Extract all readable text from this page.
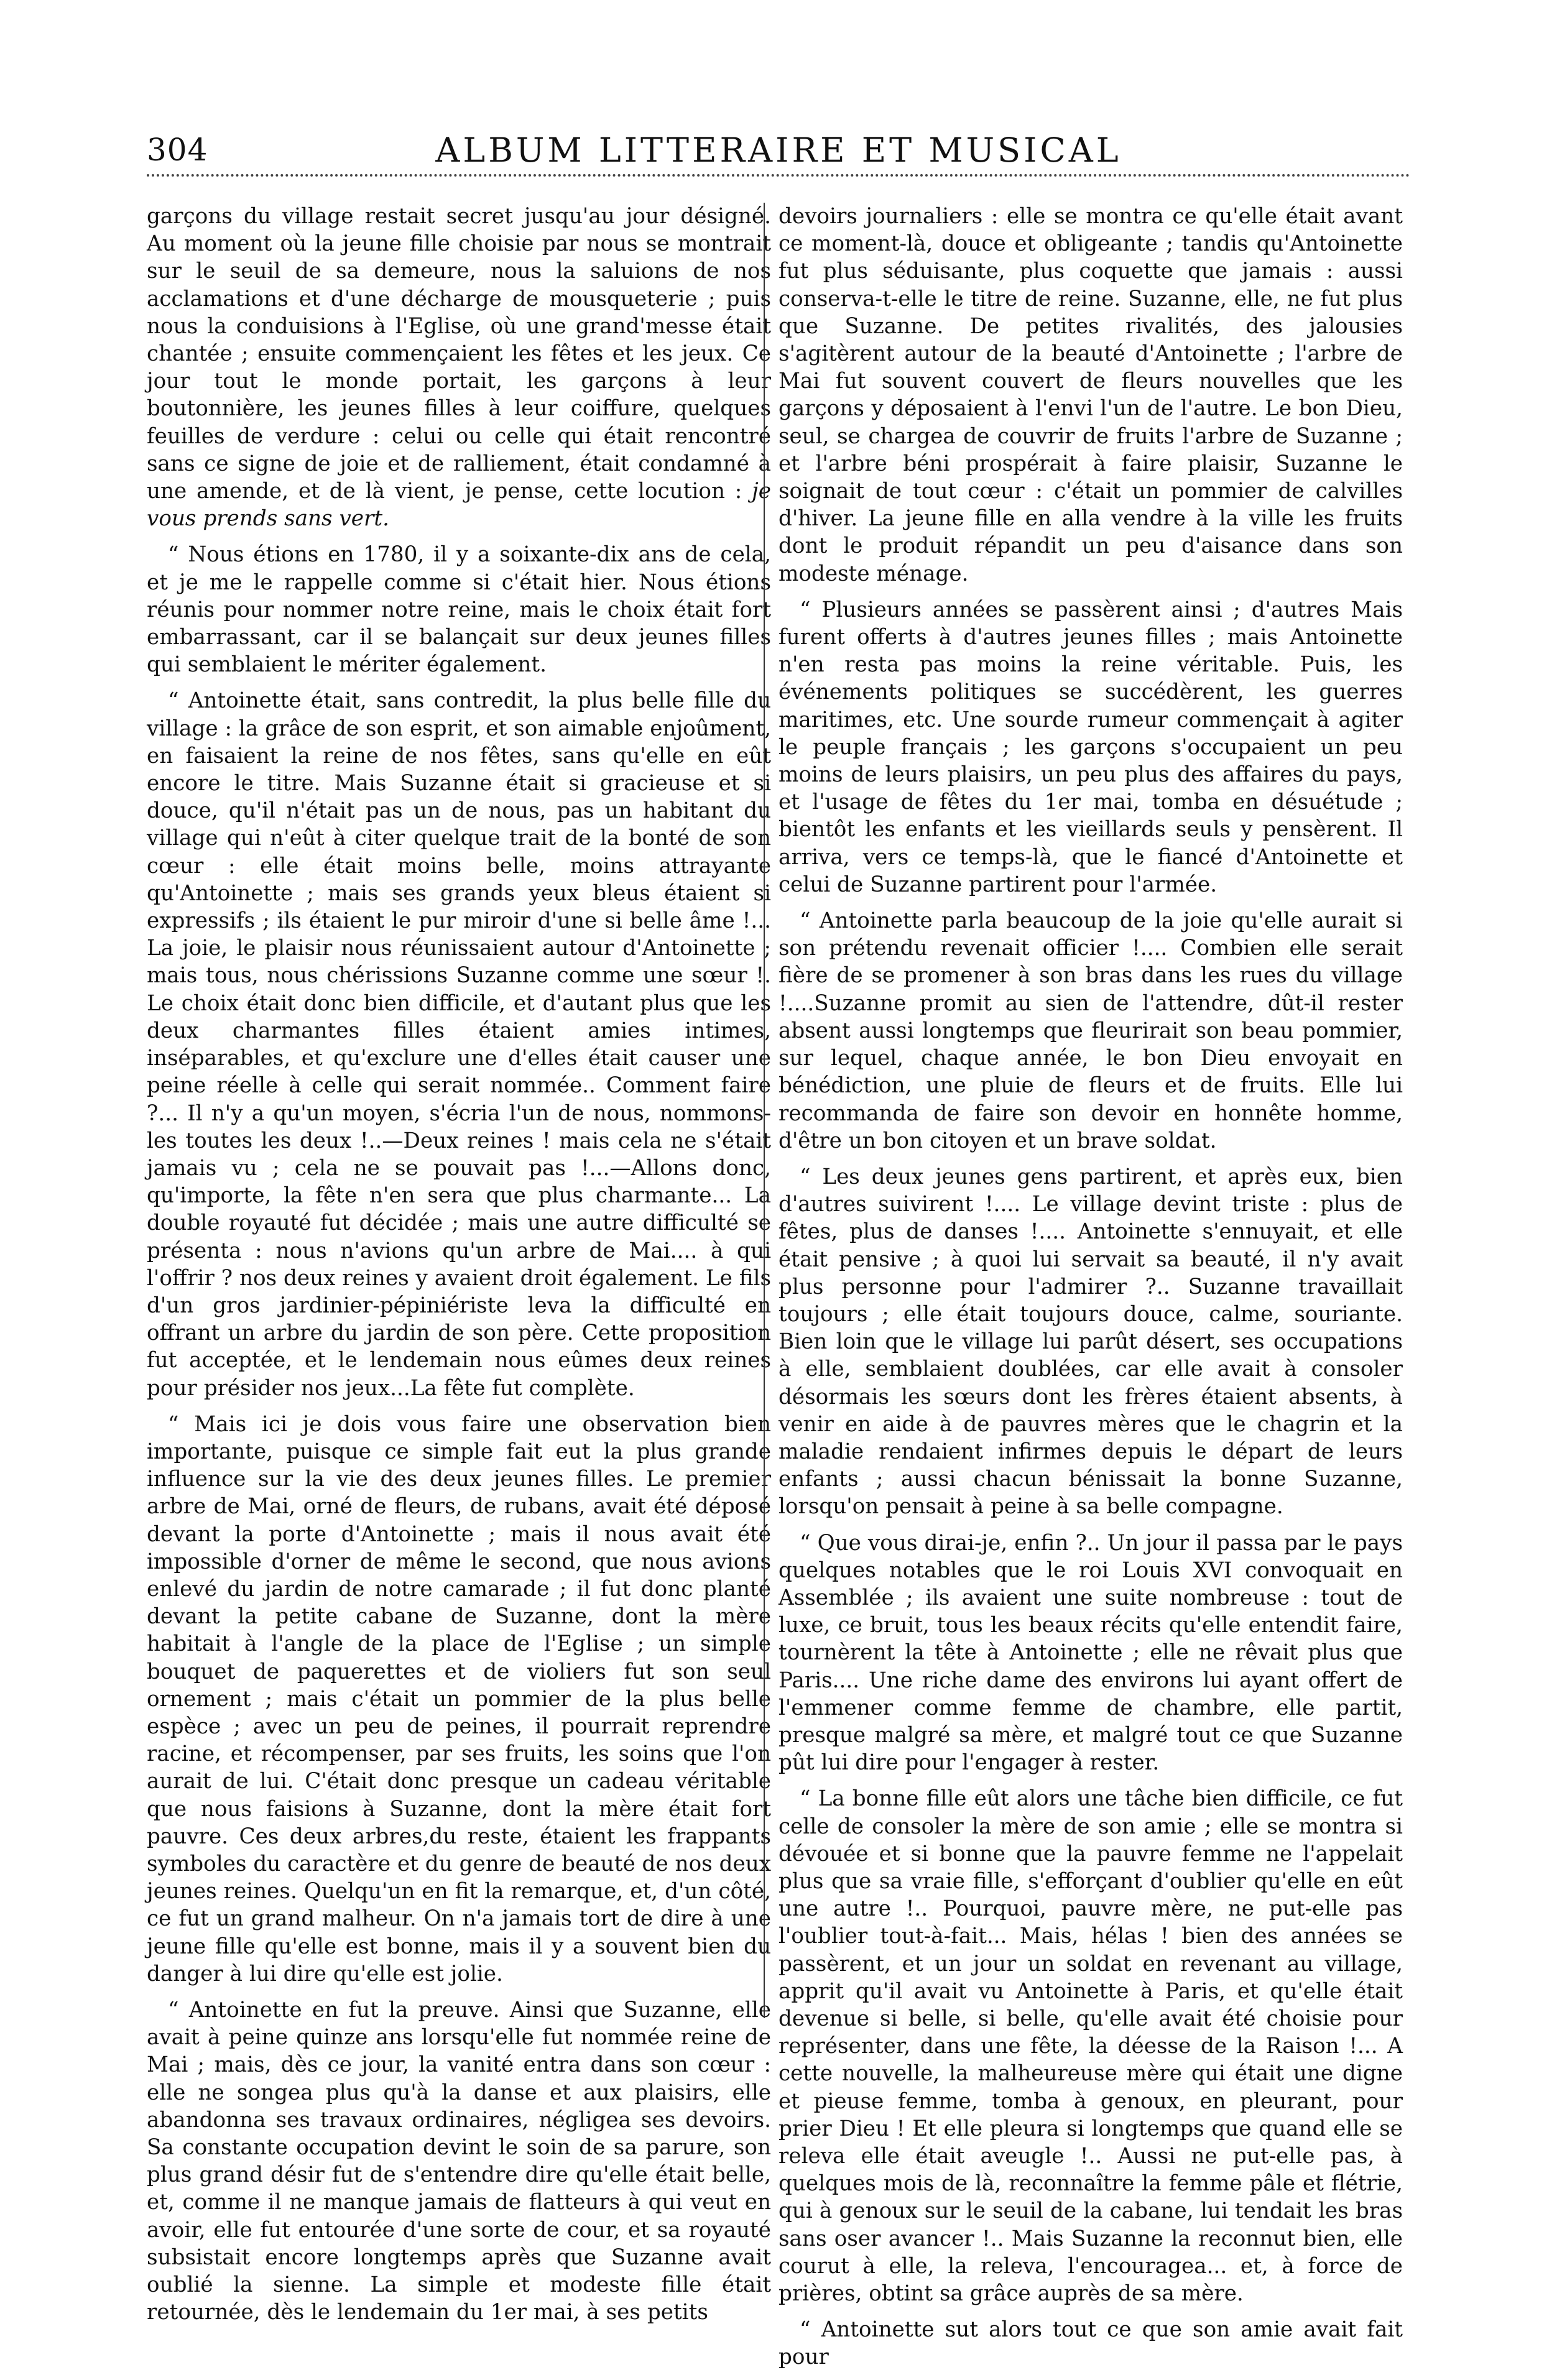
304	ALBUM LITTERAIRE ET MUSICAL

garçons du village restait secret jusqu'au jour désigné. Au moment où la jeune fille choisie par nous se montrait sur le seuil de sa demeure, nous la saluions de nos acclamations et d'une décharge de mousqueterie ; puis nous la conduisions à l'Eglise, où une grand'messe était chantée ; ensuite commençaient les fêtes et les jeux. Ce jour tout le monde portait, les garçons à leur boutonnière, les jeunes filles à leur coiffure, quelques feuilles de verdure : celui ou celle qui était rencontré sans ce signe de joie et de ralliement, était condamné à une amende, et de là vient, je pense, cette locution : je vous prends sans vert.

“ Nous étions en 1780, il y a soixante-dix ans de cela, et je me le rappelle comme si c'était hier. Nous étions réunis pour nommer notre reine, mais le choix était fort embarrassant, car il se balançait sur deux jeunes filles qui semblaient le mériter également.

“ Antoinette était, sans contredit, la plus belle fille du village : la grâce de son esprit, et son aimable enjoûment, en faisaient la reine de nos fêtes, sans qu'elle en eût encore le titre. Mais Suzanne était si gracieuse et si douce, qu'il n'était pas un de nous, pas un habitant du village qui n'eût à citer quelque trait de la bonté de son cœur : elle était moins belle, moins attrayante qu'Antoinette ; mais ses grands yeux bleus étaient si expressifs ; ils étaient le pur miroir d'une si belle âme !... La joie, le plaisir nous réunissaient autour d'Antoinette ; mais tous, nous chérissions Suzanne comme une sœur !. Le choix était donc bien difficile, et d'autant plus que les deux charmantes filles étaient amies intimes, inséparables, et qu'exclure une d'elles était causer une peine réelle à celle qui serait nommée.. Comment faire ?... Il n'y a qu'un moyen, s'écria l'un de nous, nommons-les toutes les deux !..—Deux reines ! mais cela ne s'était jamais vu ; cela ne se pouvait pas !...—Allons donc, qu'importe, la fête n'en sera que plus charmante... La double royauté fut décidée ; mais une autre difficulté se présenta : nous n'avions qu'un arbre de Mai.... à qui l'offrir ? nos deux reines y avaient droit également. Le fils d'un gros jardinier-pépiniériste leva la difficulté en offrant un arbre du jardin de son père. Cette proposition fut acceptée, et le lendemain nous eûmes deux reines pour présider nos jeux...La fête fut complète.

“ Mais ici je dois vous faire une observation bien importante, puisque ce simple fait eut la plus grande influence sur la vie des deux jeunes filles. Le premier arbre de Mai, orné de fleurs, de rubans, avait été déposé devant la porte d'Antoinette ; mais il nous avait été impossible d'orner de même le second, que nous avions enlevé du jardin de notre camarade ; il fut donc planté devant la petite cabane de Suzanne, dont la mère habitait à l'angle de la place de l'Eglise ; un simple bouquet de paquerettes et de violiers fut son seul ornement ; mais c'était un pommier de la plus belle espèce ; avec un peu de peines, il pourrait reprendre racine, et récompenser, par ses fruits, les soins que l'on aurait de lui. C'était donc presque un cadeau véritable que nous faisions à Suzanne, dont la mère était fort pauvre. Ces deux arbres,du reste, étaient les frappants symboles du caractère et du genre de beauté de nos deux jeunes reines. Quelqu'un en fit la remarque, et, d'un côté, ce fut un grand malheur. On n'a jamais tort de dire à une jeune fille qu'elle est bonne, mais il y a souvent bien du danger à lui dire qu'elle est jolie.

“ Antoinette en fut la preuve. Ainsi que Suzanne, elle avait à peine quinze ans lorsqu'elle fut nommée reine de Mai ; mais, dès ce jour, la vanité entra dans son cœur : elle ne songea plus qu'à la danse et aux plaisirs, elle abandonna ses travaux ordinaires, négligea ses devoirs. Sa constante occupation devint le soin de sa parure, son plus grand désir fut de s'entendre dire qu'elle était belle, et, comme il ne manque jamais de flatteurs à qui veut en avoir, elle fut entourée d'une sorte de cour, et sa royauté subsistait encore longtemps après que Suzanne avait oublié la sienne. La simple et modeste fille était retournée, dès le lendemain du 1er mai, à ses petits

devoirs journaliers : elle se montra ce qu'elle était avant ce moment-là, douce et obligeante ; tandis qu'Antoinette fut plus séduisante, plus coquette que jamais : aussi conserva-t-elle le titre de reine. Suzanne, elle, ne fut plus que Suzanne. De petites rivalités, des jalousies s'agitèrent autour de la beauté d'Antoinette ; l'arbre de Mai fut souvent couvert de fleurs nouvelles que les garçons y déposaient à l'envi l'un de l'autre. Le bon Dieu, seul, se chargea de couvrir de fruits l'arbre de Suzanne ; et l'arbre béni prospérait à faire plaisir, Suzanne le soignait de tout cœur : c'était un pommier de calvilles d'hiver. La jeune fille en alla vendre à la ville les fruits dont le produit répandit un peu d'aisance dans son modeste ménage.

“ Plusieurs années se passèrent ainsi ; d'autres Mais furent offerts à d'autres jeunes filles ; mais Antoinette n'en resta pas moins la reine véritable. Puis, les événements politiques se succédèrent, les guerres maritimes, etc. Une sourde rumeur commençait à agiter le peuple français ; les garçons s'occupaient un peu moins de leurs plaisirs, un peu plus des affaires du pays, et l'usage de fêtes du 1er mai, tomba en désuétude ; bientôt les enfants et les vieillards seuls y pensèrent. Il arriva, vers ce temps-là, que le fiancé d'Antoinette et celui de Suzanne partirent pour l'armée.

“ Antoinette parla beaucoup de la joie qu'elle aurait si son prétendu revenait officier !.... Combien elle serait fière de se promener à son bras dans les rues du village !....Suzanne promit au sien de l'attendre, dût-il rester absent aussi longtemps que fleurirait son beau pommier, sur lequel, chaque année, le bon Dieu envoyait en bénédiction, une pluie de fleurs et de fruits. Elle lui recommanda de faire son devoir en honnête homme, d'être un bon citoyen et un brave soldat.

“ Les deux jeunes gens partirent, et après eux, bien d'autres suivirent !.... Le village devint triste : plus de fêtes, plus de danses !.... Antoinette s'ennuyait, et elle était pensive ; à quoi lui servait sa beauté, il n'y avait plus personne pour l'admirer ?.. Suzanne travaillait toujours ; elle était toujours douce, calme, souriante. Bien loin que le village lui parût désert, ses occupations à elle, semblaient doublées, car elle avait à consoler désormais les sœurs dont les frères étaient absents, à venir en aide à de pauvres mères que le chagrin et la maladie rendaient infirmes depuis le départ de leurs enfants ; aussi chacun bénissait la bonne Suzanne, lorsqu'on pensait à peine à sa belle compagne.

“ Que vous dirai-je, enfin ?.. Un jour il passa par le pays quelques notables que le roi Louis XVI convoquait en Assemblée ; ils avaient une suite nombreuse : tout de luxe, ce bruit, tous les beaux récits qu'elle entendit faire, tournèrent la tête à Antoinette ; elle ne rêvait plus que Paris.... Une riche dame des environs lui ayant offert de l'emmener comme femme de chambre, elle partit, presque malgré sa mère, et malgré tout ce que Suzanne pût lui dire pour l'engager à rester.

“ La bonne fille eût alors une tâche bien difficile, ce fut celle de consoler la mère de son amie ; elle se montra si dévouée et si bonne que la pauvre femme ne l'appelait plus que sa vraie fille, s'efforçant d'oublier qu'elle en eût une autre !.. Pourquoi, pauvre mère, ne put-elle pas l'oublier tout-à-fait... Mais, hélas ! bien des années se passèrent, et un jour un soldat en revenant au village, apprit qu'il avait vu Antoinette à Paris, et qu'elle était devenue si belle, si belle, qu'elle avait été choisie pour représenter, dans une fête, la déesse de la Raison !... A cette nouvelle, la malheureuse mère qui était une digne et pieuse femme, tomba à genoux, en pleurant, pour prier Dieu ! Et elle pleura si longtemps que quand elle se releva elle était aveugle !.. Aussi ne put-elle pas, à quelques mois de là, reconnaître la femme pâle et flétrie, qui à genoux sur le seuil de la cabane, lui tendait les bras sans oser avancer !.. Mais Suzanne la reconnut bien, elle courut à elle, la releva, l'encouragea... et, à force de prières, obtint sa grâce auprès de sa mère.

“ Antoinette sut alors tout ce que son amie avait fait pour
